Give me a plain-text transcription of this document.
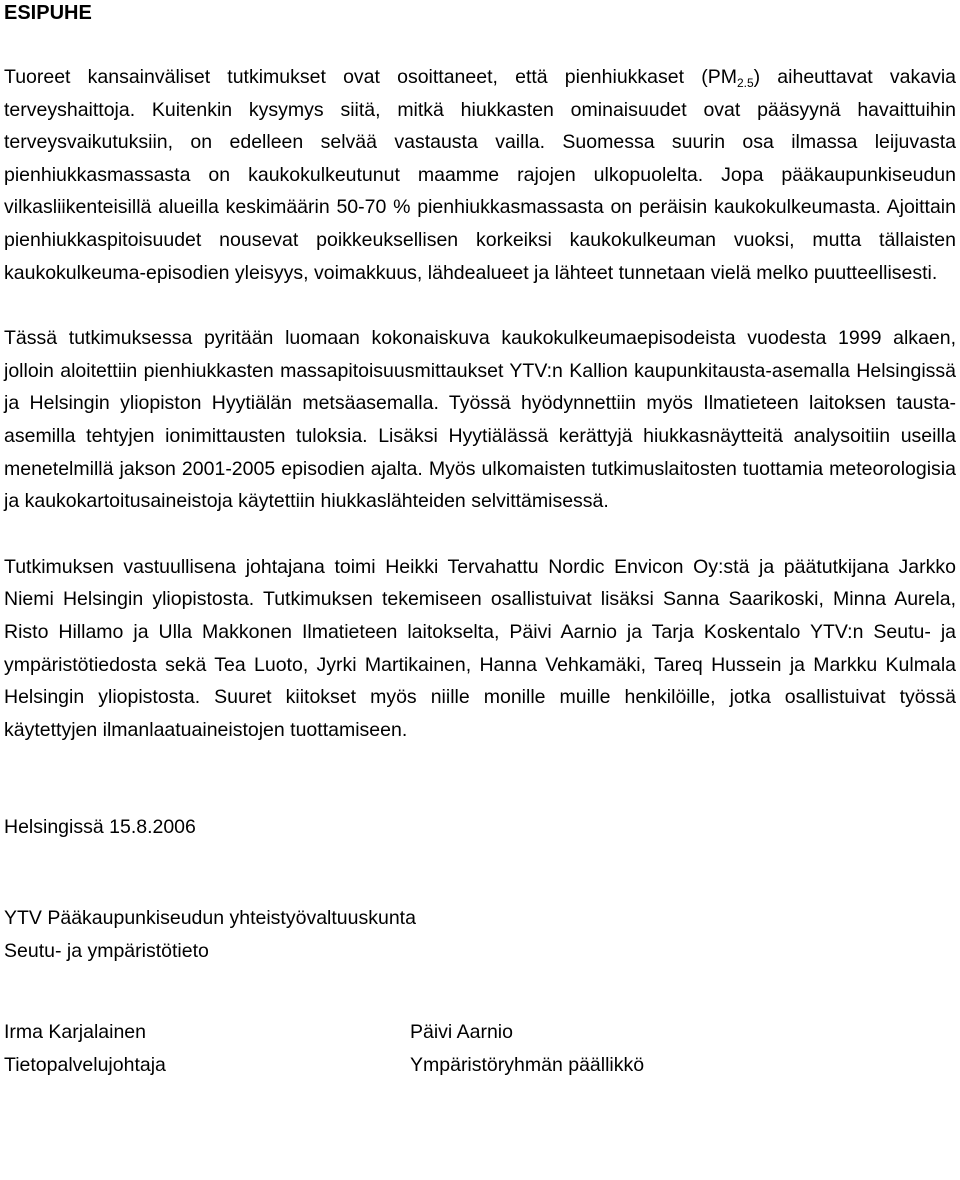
ESIPUHE

Tuoreet kansainväliset tutkimukset ovat osoittaneet, että pienhiukkaset $(PM_{2.5})$ aiheuttavat vakavia terveyshaittoja. Kuitenkin kysymys siitä, mitkä hiukkasten ominaisuudet ovat pääsyynä havaittuihin terveysvaikutuksiin, on edelleen selvää vastausta vailla. Suomessa suurin osa ilmassa leijuvasta pienhiukkasmassasta on kaukokulkeutunut maamme rajojen ulkopuolelta. Jopa pääkaupunkiseudun vilkasliikenteisillä alueilla keskimäärin 50-70 % pienhiukkasmassasta on peräisin kaukokulkeumasta. Ajoittain pienhiukkaspitoisuudet nousevat poikkeuksellisen korkeiksi kaukokulkeuman vuoksi, mutta tällaisten kaukokulkeuma-episodien yleisyys, voimakkuus, lähdealueet ja lähteet tunnetaan vielä melko puutteellisesti.

Tässä tutkimuksessa pyritään luomaan kokonaiskuva kaukokulkeumaepisodeista vuodesta 1999 alkaen, jolloin aloitettiin pienhiukkasten massapitoisuusmittaukset YTV:n Kallion kaupunkitausta-asemalla Helsingissä ja Helsingin yliopiston Hyytiälän metsäasemalla. Työssä hyödynnettiin myös Ilmatieteen laitoksen tausta-asemilla tehtyjen ionimittausten tuloksia. Lisäksi Hyytiälässä kerättyjä hiukkasnäytteitä analysoitiin useilla menetelmillä jakson 2001-2005 episodien ajalta. Myös ulkomaisten tutkimuslaitosten tuottamia meteorologisia ja kaukokartoitusaineistoja käytettiin hiukkaslähteiden selvittämisessä.

Tutkimuksen vastuullisena johtajana toimi Heikki Tervahattu Nordic Envicon Oy:stä ja päätutkijana Jarkko Niemi Helsingin yliopistosta. Tutkimuksen tekemiseen osallistuivat lisäksi Sanna Saarikoski, Minna Aurela, Risto Hillamo ja Ulla Makkonen Ilmatieteen laitokselta, Päivi Aarnio ja Tarja Koskentalo YTV:n Seutu- ja ympäristötiedosta sekä Tea Luoto, Jyrki Martikainen, Hanna Vehkamäki, Tareq Hussein ja Markku Kulmala Helsingin yliopistosta. Suuret kiitokset myös niille monille muille henkilöille, jotka osallistuivat työssä käytettyjen ilmanlaatuaineistojen tuottamiseen.

Helsingissä 15.8.2006
YTV Pääkaupunkiseudun yhteistyövaltuuskunta
Seutu- ja ympäristötieto
Irma Karjalainen
Tietopalvelujohtaja
Päivi Aarnio
Ympäristöryhmän päällikkö
